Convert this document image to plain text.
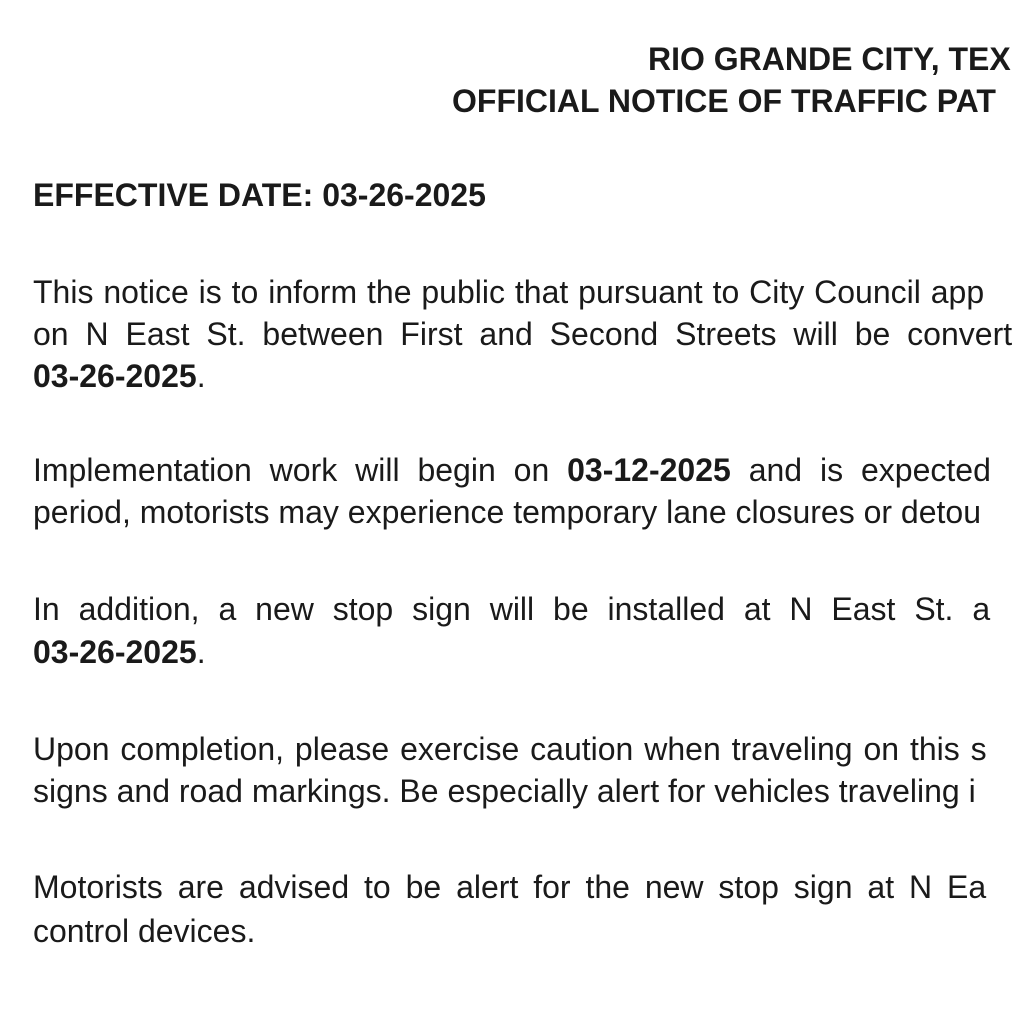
RIO GRANDE CITY, TEX
OFFICIAL NOTICE OF TRAFFIC PAT
EFFECTIVE DATE: 03-26-2025
This notice is to inform the public that pursuant to City Council app
on N East St. between First and Second Streets will be convert
03-26-2025.
Implementation work will begin on 03-12-2025 and is expected
period, motorists may experience temporary lane closures or detou
In addition, a new stop sign will be installed at N East St. a
03-26-2025.
Upon completion, please exercise caution when traveling on this s
signs and road markings. Be especially alert for vehicles traveling i
Motorists are advised to be alert for the new stop sign at N Ea
control devices.
